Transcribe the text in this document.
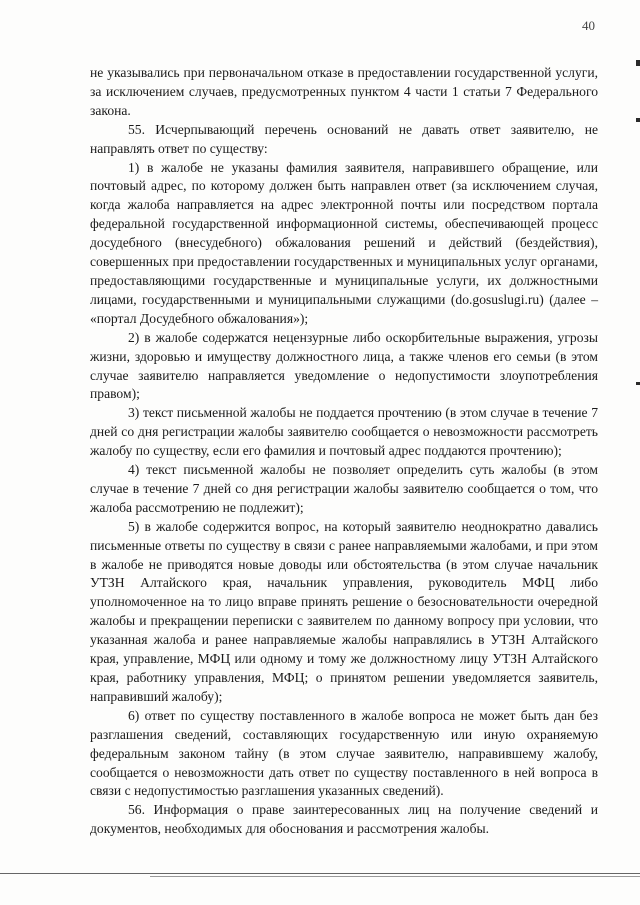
40

не указывались при первоначальном отказе в предоставлении государственной услуги, за исключением случаев, предусмотренных пунктом 4 части 1 статьи 7 Федерального закона.

55. Исчерпывающий перечень оснований не давать ответ заявителю, не направлять ответ по существу:

1) в жалобе не указаны фамилия заявителя, направившего обращение, или почтовый адрес, по которому должен быть направлен ответ (за исключением случая, когда жалоба направляется на адрес электронной почты или посредством портала федеральной государственной информационной системы, обеспечивающей процесс досудебного (внесудебного) обжалования решений и действий (бездействия), совершенных при предоставлении государственных и муниципальных услуг органами, предоставляющими государственные и муниципальные услуги, их должностными лицами, государственными и муниципальными служащими (do.gosuslugi.ru) (далее – «портал Досудебного обжалования»);

2) в жалобе содержатся нецензурные либо оскорбительные выражения, угрозы жизни, здоровью и имуществу должностного лица, а также членов его семьи (в этом случае заявителю направляется уведомление о недопустимости злоупотребления правом);

3) текст письменной жалобы не поддается прочтению (в этом случае в течение 7 дней со дня регистрации жалобы заявителю сообщается о невозможности рассмотреть жалобу по существу, если его фамилия и почтовый адрес поддаются прочтению);

4) текст письменной жалобы не позволяет определить суть жалобы (в этом случае в течение 7 дней со дня регистрации жалобы заявителю сообщается о том, что жалоба рассмотрению не подлежит);

5) в жалобе содержится вопрос, на который заявителю неоднократно давались письменные ответы по существу в связи с ранее направляемыми жалобами, и при этом в жалобе не приводятся новые доводы или обстоятельства (в этом случае начальник УТЗН Алтайского края, начальник управления, руководитель МФЦ либо уполномоченное на то лицо вправе принять решение о безосновательности очередной жалобы и прекращении переписки с заявителем по данному вопросу при условии, что указанная жалоба и ранее направляемые жалобы направлялись в УТЗН Алтайского края, управление, МФЦ или одному и тому же должностному лицу УТЗН Алтайского края, работнику управления, МФЦ; о принятом решении уведомляется заявитель, направивший жалобу);

6) ответ по существу поставленного в жалобе вопроса не может быть дан без разглашения сведений, составляющих государственную или иную охраняемую федеральным законом тайну (в этом случае заявителю, направившему жалобу, сообщается о невозможности дать ответ по существу поставленного в ней вопроса в связи с недопустимостью разглашения указанных сведений).

56. Информация о праве заинтересованных лиц на получение сведений и документов, необходимых для обоснования и рассмотрения жалобы.
